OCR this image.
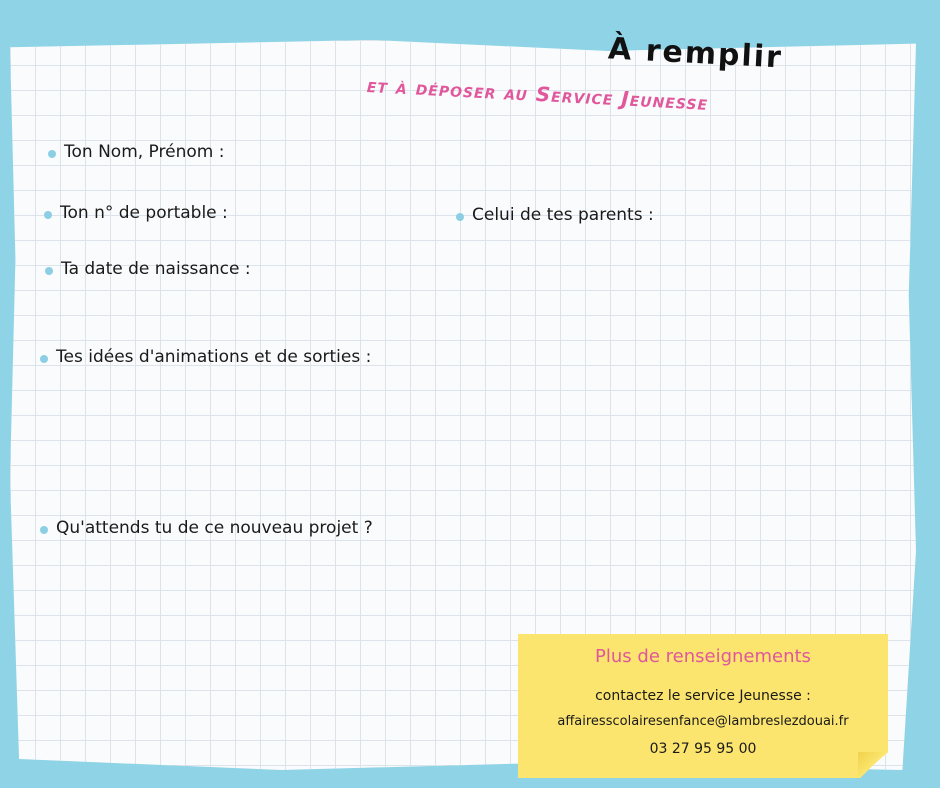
À remplir
et à déposer au Service Jeunesse
Ton Nom, Prénom :
Ton n° de portable :	Celui de tes parents :
Ta date de naissance :
Tes idées d'animations et de sorties :
Qu'attends tu de ce nouveau projet ?
Plus de renseignements
contactez le service Jeunesse :
affairesscolairesenfance@lambreslezdouai.fr
03 27 95 95 00
